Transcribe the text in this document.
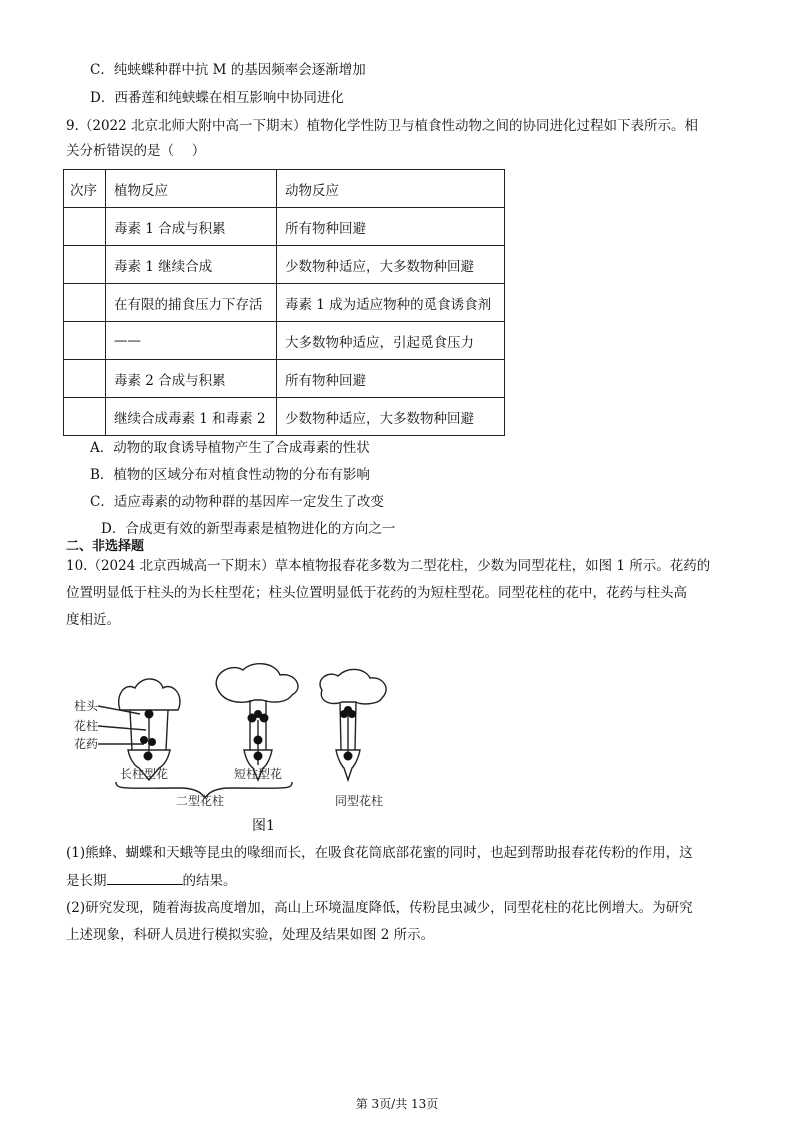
C．纯蛱蝶种群中抗 M 的基因频率会逐渐增加
D．西番莲和纯蛱蝶在相互影响中协同进化
9.（2022 北京北师大附中高一下期末）植物化学性防卫与植食性动物之间的协同进化过程如下表所示。相
关分析错误的是（　 ）
次序	植物反应	动物反应
	毒素 1 合成与积累	所有物种回避
	毒素 1 继续合成	少数物种适应，大多数物种回避
	在有限的捕食压力下存活	毒素 1 成为适应物种的觅食诱食剂
	——	大多数物种适应，引起觅食压力
	毒素 2 合成与积累	所有物种回避
	继续合成毒素 1 和毒素 2	少数物种适应，大多数物种回避
A．动物的取食诱导植物产生了合成毒素的性状
B．植物的区域分布对植食性动物的分布有影响
C．适应毒素的动物种群的基因库一定发生了改变
D．合成更有效的新型毒素是植物进化的方向之一
二、非选择题
10.（2024 北京西城高一下期末）草本植物报春花多数为二型花柱，少数为同型花柱，如图 1 所示。花药的
位置明显低于柱头的为长柱型花；柱头位置明显低于花药的为短柱型花。同型花柱的花中，花药与柱头高
度相近。
柱头
花柱
花药
长柱型花	短柱型花
二型花柱	同型花柱
图1
(1)熊蜂、蝴蝶和天蛾等昆虫的喙细而长，在吸食花筒底部花蜜的同时，也起到帮助报春花传粉的作用，这
是长期	的结果。
(2)研究发现，随着海拔高度增加，高山上环境温度降低，传粉昆虫减少，同型花柱的花比例增大。为研究
上述现象，科研人员进行模拟实验，处理及结果如图 2 所示。
第 3页/共 13页
